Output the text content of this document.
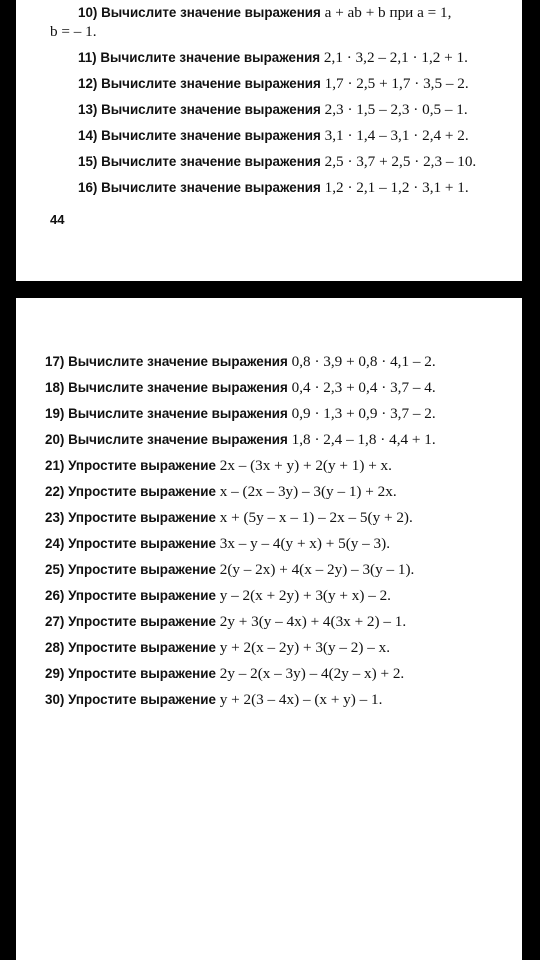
10) Вычислите значение выражения a + ab + b при a = 1,
b = – 1.
11) Вычислите значение выражения 2,1 · 3,2 – 2,1 · 1,2 + 1.
12) Вычислите значение выражения 1,7 · 2,5 + 1,7 · 3,5 – 2.
13) Вычислите значение выражения 2,3 · 1,5 – 2,3 · 0,5 – 1.
14) Вычислите значение выражения 3,1 · 1,4 – 3,1 · 2,4 + 2.
15) Вычислите значение выражения 2,5 · 3,7 + 2,5 · 2,3 – 10.
16) Вычислите значение выражения 1,2 · 2,1 – 1,2 · 3,1 + 1.
44
17) Вычислите значение выражения 0,8 · 3,9 + 0,8 · 4,1 – 2.
18) Вычислите значение выражения 0,4 · 2,3 + 0,4 · 3,7 – 4.
19) Вычислите значение выражения 0,9 · 1,3 + 0,9 · 3,7 – 2.
20) Вычислите значение выражения 1,8 · 2,4 – 1,8 · 4,4 + 1.
21) Упростите выражение 2x – (3x + y) + 2(y + 1) + x.
22) Упростите выражение x – (2x – 3y) – 3(y – 1) + 2x.
23) Упростите выражение x + (5y – x – 1) – 2x – 5(y + 2).
24) Упростите выражение 3x – y – 4(y + x) + 5(y – 3).
25) Упростите выражение 2(y – 2x) + 4(x – 2y) – 3(y – 1).
26) Упростите выражение y – 2(x + 2y) + 3(y + x) – 2.
27) Упростите выражение 2y + 3(y – 4x) + 4(3x + 2) – 1.
28) Упростите выражение y + 2(x – 2y) + 3(y – 2) – x.
29) Упростите выражение 2y – 2(x – 3y) – 4(2y – x) + 2.
30) Упростите выражение y + 2(3 – 4x) – (x + y) – 1.
